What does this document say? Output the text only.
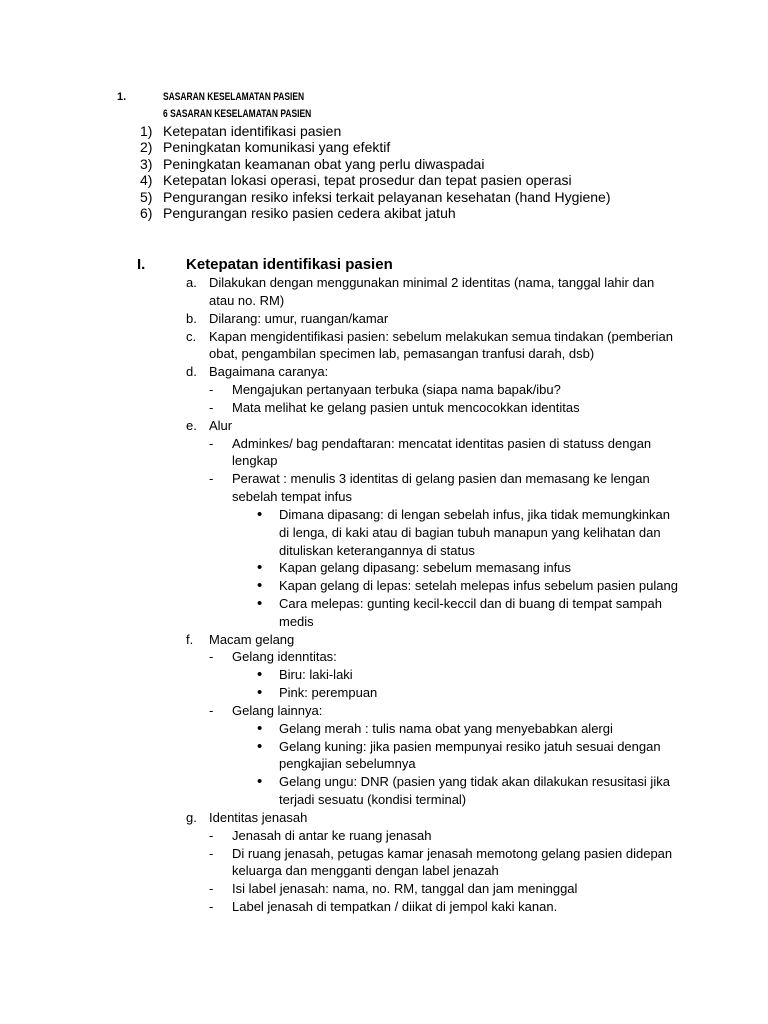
1.	SASARAN KESELAMATAN PASIEN
6 SASARAN KESELAMATAN PASIEN
1) Ketepatan identifikasi pasien
2) Peningkatan komunikasi yang efektif
3) Peningkatan keamanan obat yang perlu diwaspadai
4) Ketepatan lokasi operasi, tepat prosedur dan tepat pasien operasi
5) Pengurangan resiko infeksi terkait pelayanan kesehatan (hand Hygiene)
6) Pengurangan resiko pasien cedera akibat jatuh
I.	Ketepatan identifikasi pasien
a. Dilakukan dengan menggunakan minimal 2 identitas (nama, tanggal lahir dan
atau no. RM)
b. Dilarang: umur, ruangan/kamar
c. Kapan mengidentifikasi pasien: sebelum melakukan semua tindakan (pemberian
obat, pengambilan specimen lab, pemasangan tranfusi darah, dsb)
d. Bagaimana caranya:
- Mengajukan pertanyaan terbuka (siapa nama bapak/ibu?
- Mata melihat ke gelang pasien untuk mencocokkan identitas
e. Alur
- Adminkes/ bag pendaftaran: mencatat identitas pasien di statuss dengan
lengkap
- Perawat : menulis 3 identitas di gelang pasien dan memasang ke lengan
sebelah tempat infus
• Dimana dipasang: di lengan sebelah infus, jika tidak memungkinkan
di lenga, di kaki atau di bagian tubuh manapun yang kelihatan dan
dituliskan keterangannya di status
• Kapan gelang dipasang: sebelum memasang infus
• Kapan gelang di lepas: setelah melepas infus sebelum pasien pulang
• Cara melepas: gunting kecil-keccil dan di buang di tempat sampah
medis
f. Macam gelang
- Gelang idenntitas:
• Biru: laki-laki
• Pink: perempuan
- Gelang lainnya:
• Gelang merah : tulis nama obat yang menyebabkan alergi
• Gelang kuning: jika pasien mempunyai resiko jatuh sesuai dengan
pengkajian sebelumnya
• Gelang ungu: DNR (pasien yang tidak akan dilakukan resusitasi jika
terjadi sesuatu (kondisi terminal)
g. Identitas jenasah
- Jenasah di antar ke ruang jenasah
- Di ruang jenasah, petugas kamar jenasah memotong gelang pasien didepan
keluarga dan mengganti dengan label jenazah
- Isi label jenasah: nama, no. RM, tanggal dan jam meninggal
- Label jenasah di tempatkan / diikat di jempol kaki kanan.
